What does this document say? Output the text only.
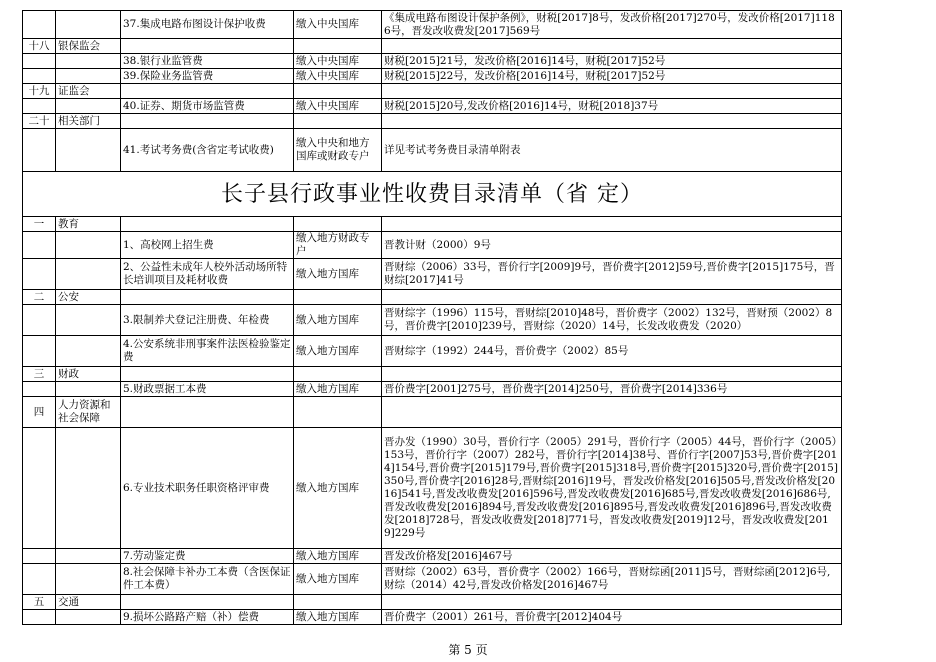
		37.集成电路布图设计保护收费	缴入中央国库	《集成电路布图设计保护条例》，财税[2017]8号，发改价格[2017]270号，发改价格[2017]1186号，晋发改收费发[2017]569号
十八	银保监会			
		38.银行业监管费	缴入中央国库	财税[2015]21号，发改价格[2016]14号，财税[2017]52号
		39.保险业务监管费	缴入中央国库	财税[2015]22号，发改价格[2016]14号，财税[2017]52号
十九	证监会			
		40.证券、期货市场监管费	缴入中央国库	财税[2015]20号,发改价格[2016]14号，财税[2018]37号
二十	相关部门			
		41.考试考务费(含省定考试收费)	缴入中央和地方国库或财政专户	详见考试考务费目录清单附表
长子县行政事业性收费目录清单（省 定）				
一	教育			
		1、高校网上招生费	缴入地方财政专户	晋教计财（2000）9号
		2、公益性未成年人校外活动场所特长培训项目及耗材收费	缴入地方国库	晋财综（2006）33号，晋价行字[2009]9号，晋价费字[2012]59号,晋价费字[2015]175号，晋财综[2017]41号
二	公安			
		3.限制养犬登记注册费、年检费	缴入地方国库	晋财综字（1996）115号，晋财综[2010]48号，晋价费字（2002）132号，晋财预（2002）8号，晋价费字[2010]239号，晋财综（2020）14号，长发改收费发（2020）
		4.公安系统非刑事案件法医检验鉴定费	缴入地方国库	晋财综字（1992）244号，晋价费字（2002）85号
三	财政			
		5.财政票据工本费	缴入地方国库	晋价费字[2001]275号，晋价费字[2014]250号，晋价费字[2014]336号
四	人力资源和社会保障			
		6.专业技术职务任职资格评审费	缴入地方国库	晋办发（1990）30号，晋价行字（2005）291号，晋价行字（2005）44号，晋价行字（2005）153号，晋价行字（2007）282号，晋价行字[2014]38号、晋价行字[2007]53号,晋价费字[2014]154号,晋价费字[2015]179号,晋价费字[2015]318号,晋价费字[2015]320号,晋价费字[2015]350号,晋价费字[2016]28号,晋财综[2016]19号，晋发改价格发[2016]505号,晋发改价格发[2016]541号,晋发改收费发[2016]596号,晋发改收费发[2016]685号,晋发改收费发[2016]686号,晋发改收费发[2016]894号,晋发改收费发[2016]895号,晋发改收费发[2016]896号,晋发改收费发[2018]728号，晋发改收费发[2018]771号，晋发改收费发[2019]12号，晋发改收费发[2019]229号
		7.劳动鉴定费	缴入地方国库	晋发改价格发[2016]467号
		8.社会保障卡补办工本费（含医保证件工本费）	缴入地方国库	晋财综（2002）63号，晋价费字（2002）166号，晋财综函[2011]5号，晋财综函[2012]6号,财综（2014）42号,晋发改价格发[2016]467号
五	交通			
		9.损坏公路路产赔（补）偿费	缴入地方国库	晋价费字（2001）261号，晋价费字[2012]404号
第 5 页
